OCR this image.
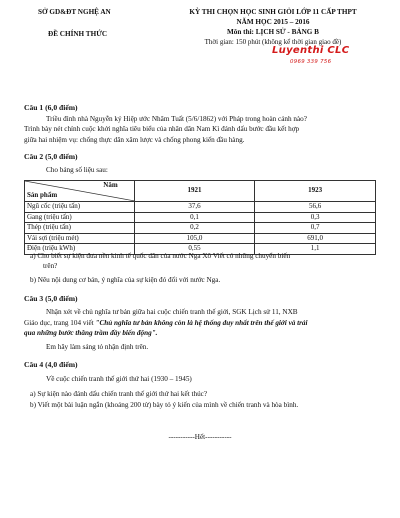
SỞ GD&ĐT NGHỆ AN
ĐỀ CHÍNH THỨC
KỲ THI CHỌN HỌC SINH GIỎI LỚP 11 CẤP THPT
NĂM HỌC 2015 – 2016
Môn thi: LỊCH SỬ - BẢNG B
Thời gian: 150 phút (không kể thời gian giao đề)
Luyenthi CLC
0969 339 756
Câu 1 (6,0 điểm)
Triều đình nhà Nguyễn ký Hiệp ước Nhâm Tuất (5/6/1862) với Pháp trong hoàn cảnh nào?
Trình bày nét chính cuộc khởi nghĩa tiêu biểu của nhân dân Nam Kì đánh dấu bước đầu kết hợp
giữa hai nhiệm vụ: chống thực dân xâm lược và chống phong kiến đầu hàng.
Câu 2 (5,0 điểm)
Cho bảng số liệu sau:
Năm
Sản phẩm	1921	1923
Ngũ cốc (triệu tấn)	37,6	56,6
Gang (triệu tấn)	0,1	0,3
Thép (triệu tấn)	0,2	0,7
Vải sợi (triệu mét)	105,0	691,0
Điện (triệu kWh)	0,55	1,1
a) Cho biết sự kiện đưa nền kinh tế quốc dân của nước Nga Xô Viết có những chuyển biến
trên?
b) Nêu nội dung cơ bản, ý nghĩa của sự kiện đó đối với nước Nga.
Câu 3 (5,0 điểm)
Nhận xét về chủ nghĩa tư bản giữa hai cuộc chiến tranh thế giới, SGK Lịch sử 11, NXB
Giáo dục, trang 104 viết "Chủ nghĩa tư bản không còn là hệ thống duy nhất trên thế giới và trải
qua những bước thăng trầm đầy biến động".
Em hãy làm sáng tỏ nhận định trên.
Câu 4 (4,0 điểm)
Về cuộc chiến tranh thế giới thứ hai (1930 – 1945)
a) Sự kiện nào đánh dấu chiến tranh thế giới thứ hai kết thúc?
b) Viết một bài luận ngắn (khoảng 200 từ) bày tỏ ý kiến của mình về chiến tranh và hòa bình.
-----------Hết-----------
